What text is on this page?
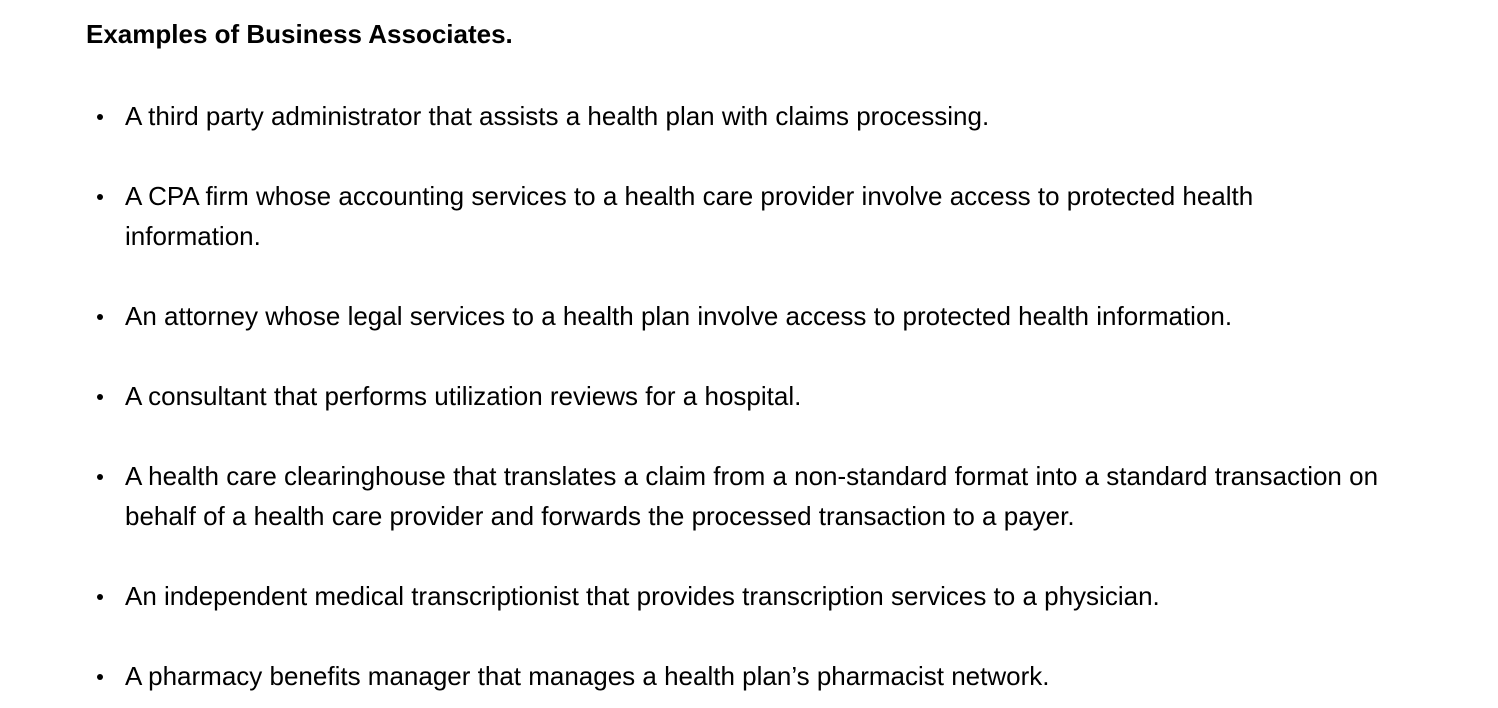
Examples of Business Associates.
A third party administrator that assists a health plan with claims processing.
A CPA firm whose accounting services to a health care provider involve access to protected health information.
An attorney whose legal services to a health plan involve access to protected health information.
A consultant that performs utilization reviews for a hospital.
A health care clearinghouse that translates a claim from a non-standard format into a standard transaction on behalf of a health care provider and forwards the processed transaction to a payer.
An independent medical transcriptionist that provides transcription services to a physician.
A pharmacy benefits manager that manages a health plan’s pharmacist network.
